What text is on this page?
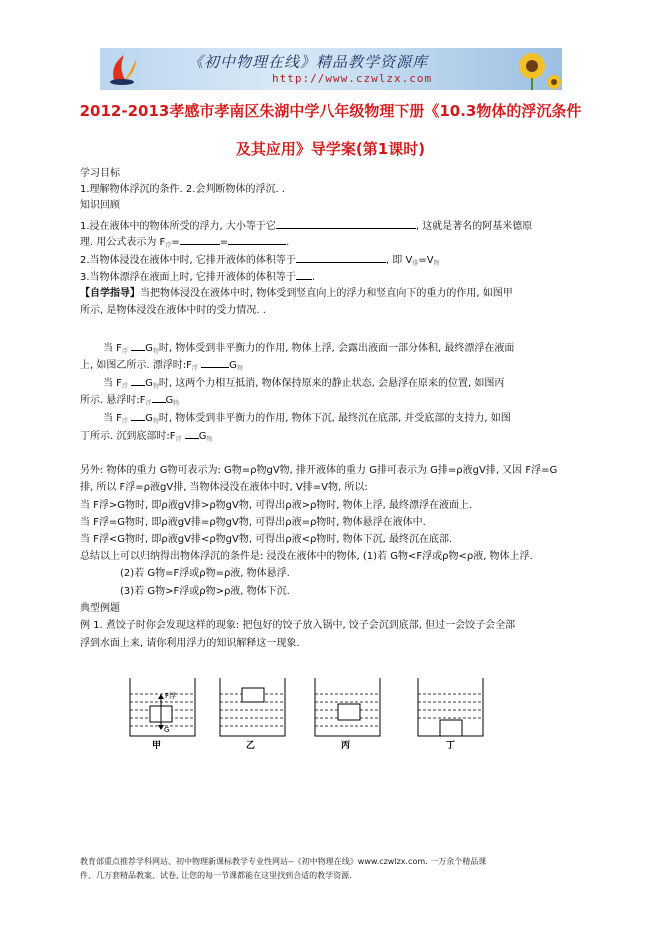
《初中物理在线》精品教学资源库
http://www.czwlzx.com
2012-2013孝感市孝南区朱湖中学八年级物理下册《10.3物体的浮沉条件
及其应用》导学案(第1课时)
学习目标
1.理解物体浮沉的条件. 2.会判断物体的浮沉. .
知识回顾
1.浸在液体中的物体所受的浮力, 大小等于它	, 这就是著名的阿基米德原
理. 用公式表示为 $F_浮=$	=	.
2.当物体浸没在液体中时, 它排开液体的体积等于	, 即 $V_排=V_物$
3.当物体漂浮在液面上时, 它排开液体的体积等于 .
【自学指导】当把物体浸没在液体中时, 物体受到竖直向上的浮力和竖直向下的重力的作用, 如图甲
所示, 是物体浸没在液体中时的受力情况. .
当 $F_浮$ $G_物$时, 物体受到非平衡力的作用, 物体上浮, 会露出液面一部分体积, 最终漂浮在液面
上, 如图乙所示. 漂浮时$:F_浮$	$G_物$
当 $F_浮$ $G_物$时, 这两个力相互抵消, 物体保持原来的静止状态, 会悬浮在原来的位置, 如图丙
所示. 悬浮时$:F_浮$ $G_物$
当 $F_浮$ $G_物$时, 物体受到非平衡力的作用, 物体下沉, 最终沉在底部, 并受底部的支持力, 如图
丁所示. 沉到底部时$:F_浮$ $G_物$
另外: 物体的重力 G物可表示为: G物=ρ物gV物, 排开液体的重力 G排可表示为 G排=ρ液gV排, 又因 F浮=G
排, 所以 F浮=ρ液gV排, 当物体浸没在液体中时, V排=V物, 所以:
当 F浮>G物时, 即ρ液gV排>ρ物gV物, 可得出ρ液>ρ物时, 物体上浮, 最终漂浮在液面上.
当 F浮=G物时, 即ρ液gV排=ρ物gV物, 可得出ρ液=ρ物时, 物体悬浮在液体中.
当 F浮<G物时, 即ρ液gV排<ρ物gV物, 可得出ρ液<ρ物时, 物体下沉, 最终沉在底部.
总结以上可以归纳得出物体浮沉的条件是: 浸没在液体中的物体, (1)若 G物<F浮或ρ物<ρ液, 物体上浮.
(2)若 G物=F浮或ρ物=ρ液, 物体悬浮.
(3)若 G物>F浮或ρ物>ρ液, 物体下沉.
典型例题
例 1. 煮饺子时你会发现这样的现象: 把包好的饺子放入锅中, 饺子会沉到底部, 但过一会饺子会全部
浮到水面上来, 请你利用浮力的知识解释这一现象.
F浮
G
甲	乙	丙	丁
教育部重点推荐学科网站、初中物理新课标教学专业性网站--《初中物理在线》www.czwlzx.com. 一万余个精品课
件、几万套精品教案、试卷, 让您的每一节课都能在这里找到合适的教学资源.
